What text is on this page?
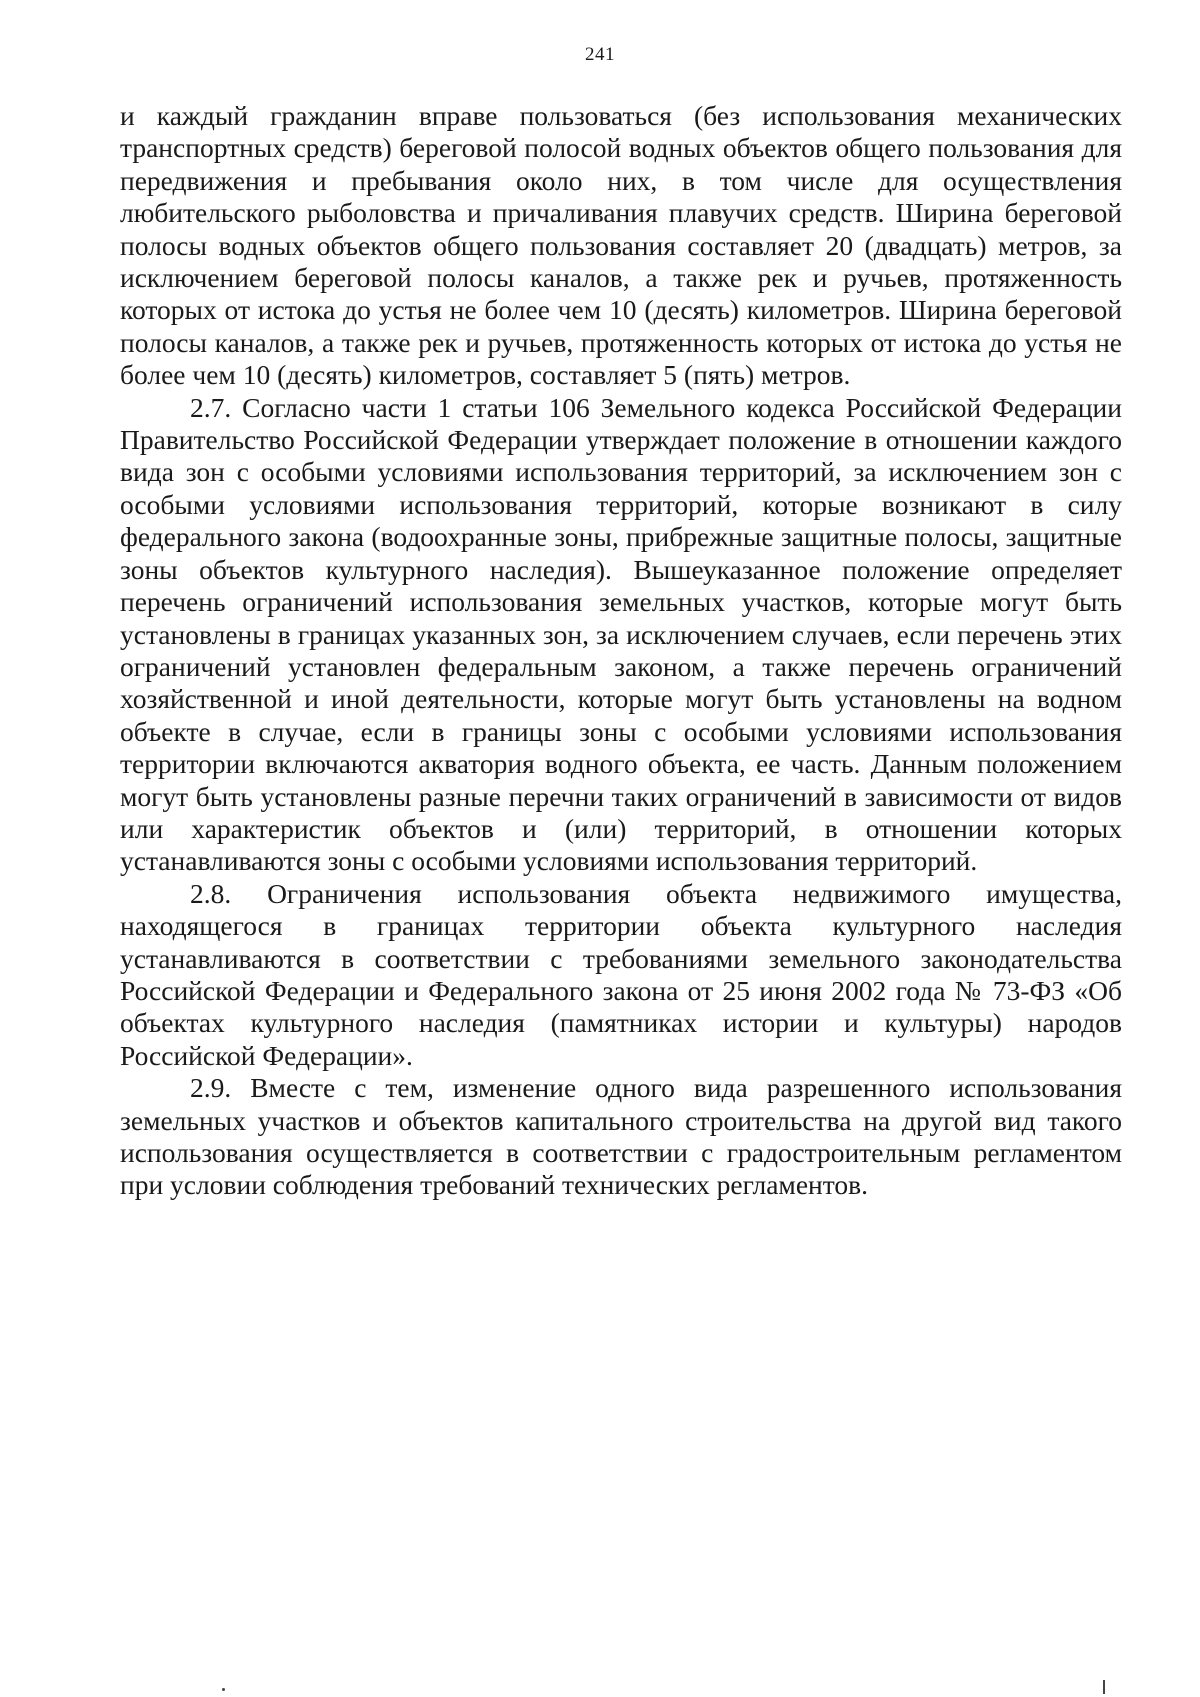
241

и каждый гражданин вправе пользоваться (без использования механических транспортных средств) береговой полосой водных объектов общего пользования для передвижения и пребывания около них, в том числе для осуществления любительского рыболовства и причаливания плавучих средств. Ширина береговой полосы водных объектов общего пользования составляет 20 (двадцать) метров, за исключением береговой полосы каналов, а также рек и ручьев, протяженность которых от истока до устья не более чем 10 (десять) километров. Ширина береговой полосы каналов, а также рек и ручьев, протяженность которых от истока до устья не более чем 10 (десять) километров, составляет 5 (пять) метров.

2.7. Согласно части 1 статьи 106 Земельного кодекса Российской Федерации Правительство Российской Федерации утверждает положение в отношении каждого вида зон с особыми условиями использования территорий, за исключением зон с особыми условиями использования территорий, которые возникают в силу федерального закона (водоохранные зоны, прибрежные защитные полосы, защитные зоны объектов культурного наследия). Вышеуказанное положение определяет перечень ограничений использования земельных участков, которые могут быть установлены в границах указанных зон, за исключением случаев, если перечень этих ограничений установлен федеральным законом, а также перечень ограничений хозяйственной и иной деятельности, которые могут быть установлены на водном объекте в случае, если в границы зоны с особыми условиями использования территории включаются акватория водного объекта, ее часть. Данным положением могут быть установлены разные перечни таких ограничений в зависимости от видов или характеристик объектов и (или) территорий, в отношении которых устанавливаются зоны с особыми условиями использования территорий.

2.8. Ограничения использования объекта недвижимого имущества, находящегося в границах территории объекта культурного наследия устанавливаются в соответствии с требованиями земельного законодательства Российской Федерации и Федерального закона от 25 июня 2002 года № 73-ФЗ «Об объектах культурного наследия (памятниках истории и культуры) народов Российской Федерации».

2.9. Вместе с тем, изменение одного вида разрешенного использования земельных участков и объектов капитального строительства на другой вид такого использования осуществляется в соответствии с градостроительным регламентом при условии соблюдения требований технических регламентов.
